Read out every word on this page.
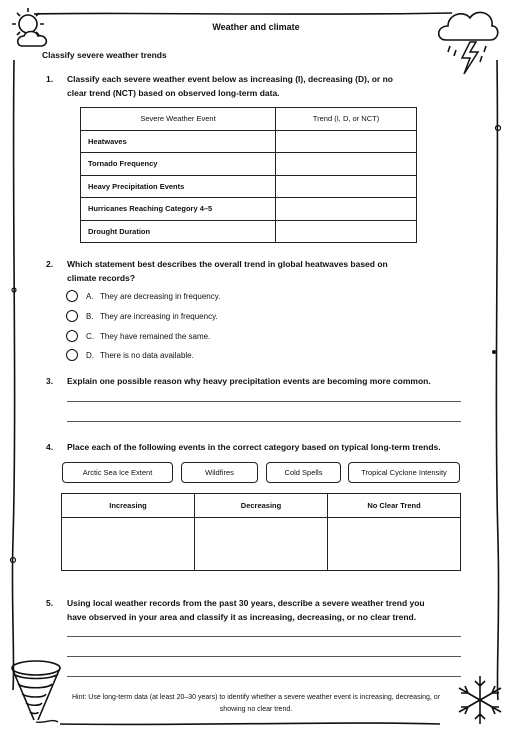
Weather and climate
Classify severe weather trends
1. Classify each severe weather event below as increasing (I), decreasing (D), or no clear trend (NCT) based on observed long-term data.
Severe Weather Event	Trend (I, D, or NCT)
Heatwaves	
Tornado Frequency	
Heavy Precipitation Events	
Hurricanes Reaching Category 4–5	
Drought Duration	
2. Which statement best describes the overall trend in global heatwaves based on climate records?
A. They are decreasing in frequency.
B. They are increasing in frequency.
C. They have remained the same.
D. There is no data available.
3. Explain one possible reason why heavy precipitation events are becoming more common.
4. Place each of the following events in the correct category based on typical long-term trends.
Arctic Sea Ice Extent	Wildfires	Cold Spells	Tropical Cyclone Intensity
Increasing	Decreasing	No Clear Trend

5. Using local weather records from the past 30 years, describe a severe weather trend you have observed in your area and classify it as increasing, decreasing, or no clear trend.
Hint: Use long-term data (at least 20–30 years) to identify whether a severe weather event is increasing, decreasing, or showing no clear trend.
